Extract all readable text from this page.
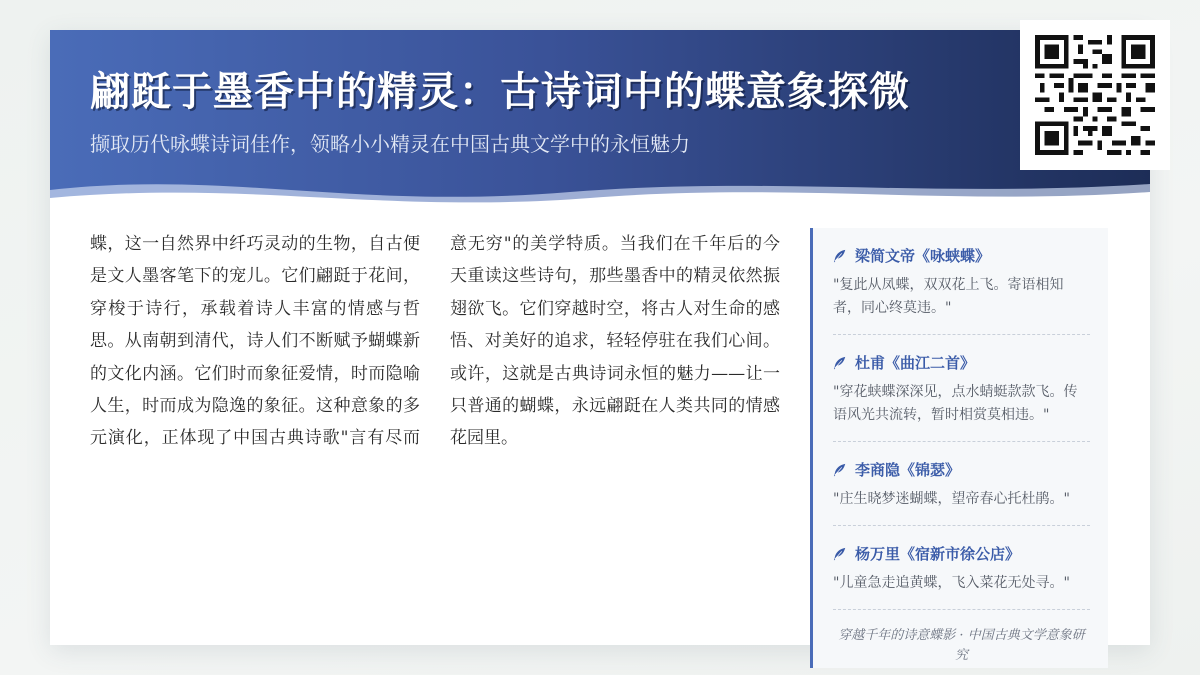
翩跹于墨香中的精灵：古诗词中的蝶意象探微

撷取历代咏蝶诗词佳作，领略小小精灵在中国古典文学中的永恒魅力

蝶，这一自然界中纤巧灵动的生物，自古便是文人墨客笔下的宠儿。它们翩跹于花间，穿梭于诗行，承载着诗人丰富的情感与哲思。从南朝到清代，诗人们不断赋予蝴蝶新的文化内涵。它们时而象征爱情，时而隐喻人生，时而成为隐逸的象征。这种意象的多元演化，正体现了中国古典诗歌"言有尽而意无穷"的美学特质。当我们在千年后的今天重读这些诗句，那些墨香中的精灵依然振翅欲飞。它们穿越时空，将古人对生命的感悟、对美好的追求，轻轻停驻在我们心间。或许，这就是古典诗词永恒的魅力——让一只普通的蝴蝶，永远翩跹在人类共同的情感花园里。

梁简文帝《咏蛱蝶》

"复此从凤蝶，双双花上飞。寄语相知者，同心终莫违。"

杜甫《曲江二首》

"穿花蛱蝶深深见，点水蜻蜓款款飞。传语风光共流转，暂时相赏莫相违。"

李商隐《锦瑟》

"庄生晓梦迷蝴蝶，望帝春心托杜鹃。"

杨万里《宿新市徐公店》

"儿童急走追黄蝶，飞入菜花无处寻。"

穿越千年的诗意蝶影 · 中国古典文学意象研究
